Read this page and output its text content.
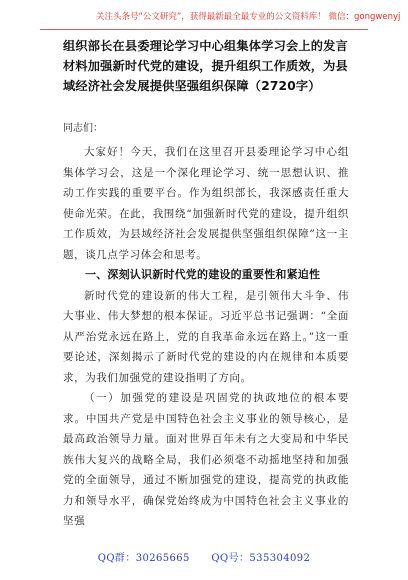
关注头条号“公文研究”，获得最新最全最专业的公文资料库！ 微信：gongwenyj
组织部长在县委理论学习中心组集体学习会上的发言材料加强新时代党的建设，提升组织工作质效，为县域经济社会发展提供坚强组织保障（2720字）
同志们：

大家好！今天，我们在这里召开县委理论学习中心组集体学习会，这是一个深化理论学习、统一思想认识、推动工作实践的重要平台。作为组织部长，我深感责任重大使命光荣。在此，我围绕“加强新时代党的建设，提升组织工作质效，为县域经济社会发展提供坚强组织保障”这一主题，谈几点学习体会和思考。

一、深刻认识新时代党的建设的重要性和紧迫性

新时代党的建设新的伟大工程，是引领伟大斗争、伟大事业、伟大梦想的根本保证。习近平总书记强调：“全面从严治党永远在路上，党的自我革命永远在路上。”这一重要论述，深刻揭示了新时代党的建设的内在规律和本质要求，为我们加强党的建设指明了方向。

（一）加强党的建设是巩固党的执政地位的根本要求。中国共产党是中国特色社会主义事业的领导核心，是最高政治领导力量。面对世界百年未有之大变局和中华民族伟大复兴的战略全局，我们必须毫不动摇地坚持和加强党的全面领导，通过不断加强党的建设，提高党的执政能力和领导水平，确保党始终成为中国特色社会主义事业的坚强

QQ群：30265665 QQ号：535304092
